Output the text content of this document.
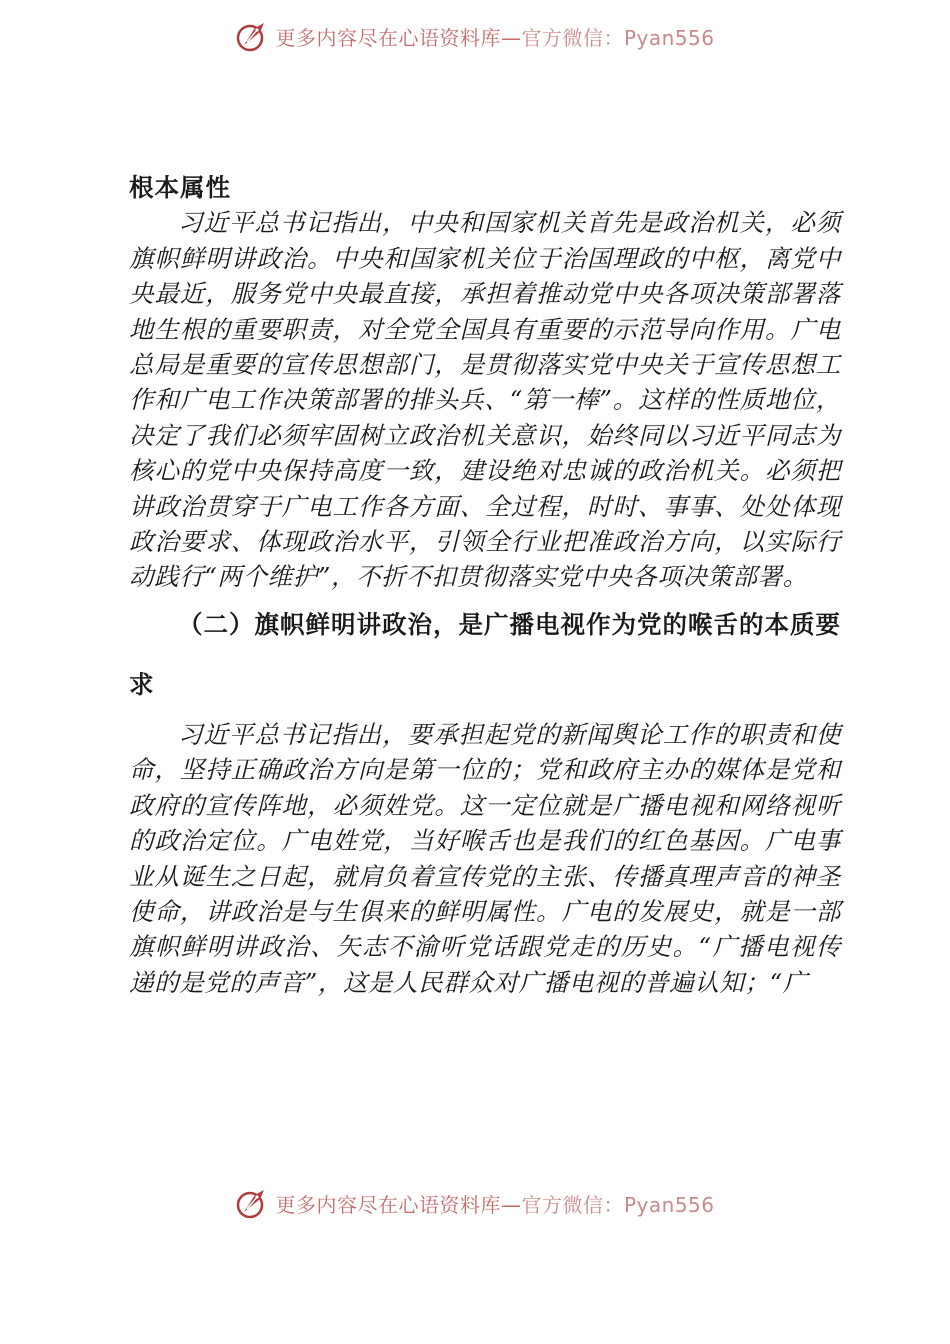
更多内容尽在心语资料库—官方微信：Pyan556

根本属性

习近平总书记指出，中央和国家机关首先是政治机关，必须旗帜鲜明讲政治。中央和国家机关位于治国理政的中枢，离党中央最近，服务党中央最直接，承担着推动党中央各项决策部署落地生根的重要职责，对全党全国具有重要的示范导向作用。广电总局是重要的宣传思想部门，是贯彻落实党中央关于宣传思想工作和广电工作决策部署的排头兵、“第一棒”。这样的性质地位，决定了我们必须牢固树立政治机关意识，始终同以习近平同志为核心的党中央保持高度一致，建设绝对忠诚的政治机关。必须把讲政治贯穿于广电工作各方面、全过程，时时、事事、处处体现政治要求、体现政治水平，引领全行业把准政治方向，以实际行动践行“两个维护”，不折不扣贯彻落实党中央各项决策部署。

（二）旗帜鲜明讲政治，是广播电视作为党的喉舌的本质要求

习近平总书记指出，要承担起党的新闻舆论工作的职责和使命，坚持正确政治方向是第一位的；党和政府主办的媒体是党和政府的宣传阵地，必须姓党。这一定位就是广播电视和网络视听的政治定位。广电姓党，当好喉舌也是我们的红色基因。广电事业从诞生之日起，就肩负着宣传党的主张、传播真理声音的神圣使命，讲政治是与生俱来的鲜明属性。广电的发展史，就是一部旗帜鲜明讲政治、矢志不渝听党话跟党走的历史。“广播电视传递的是党的声音”，这是人民群众对广播电视的普遍认知；“广

更多内容尽在心语资料库—官方微信：Pyan556
